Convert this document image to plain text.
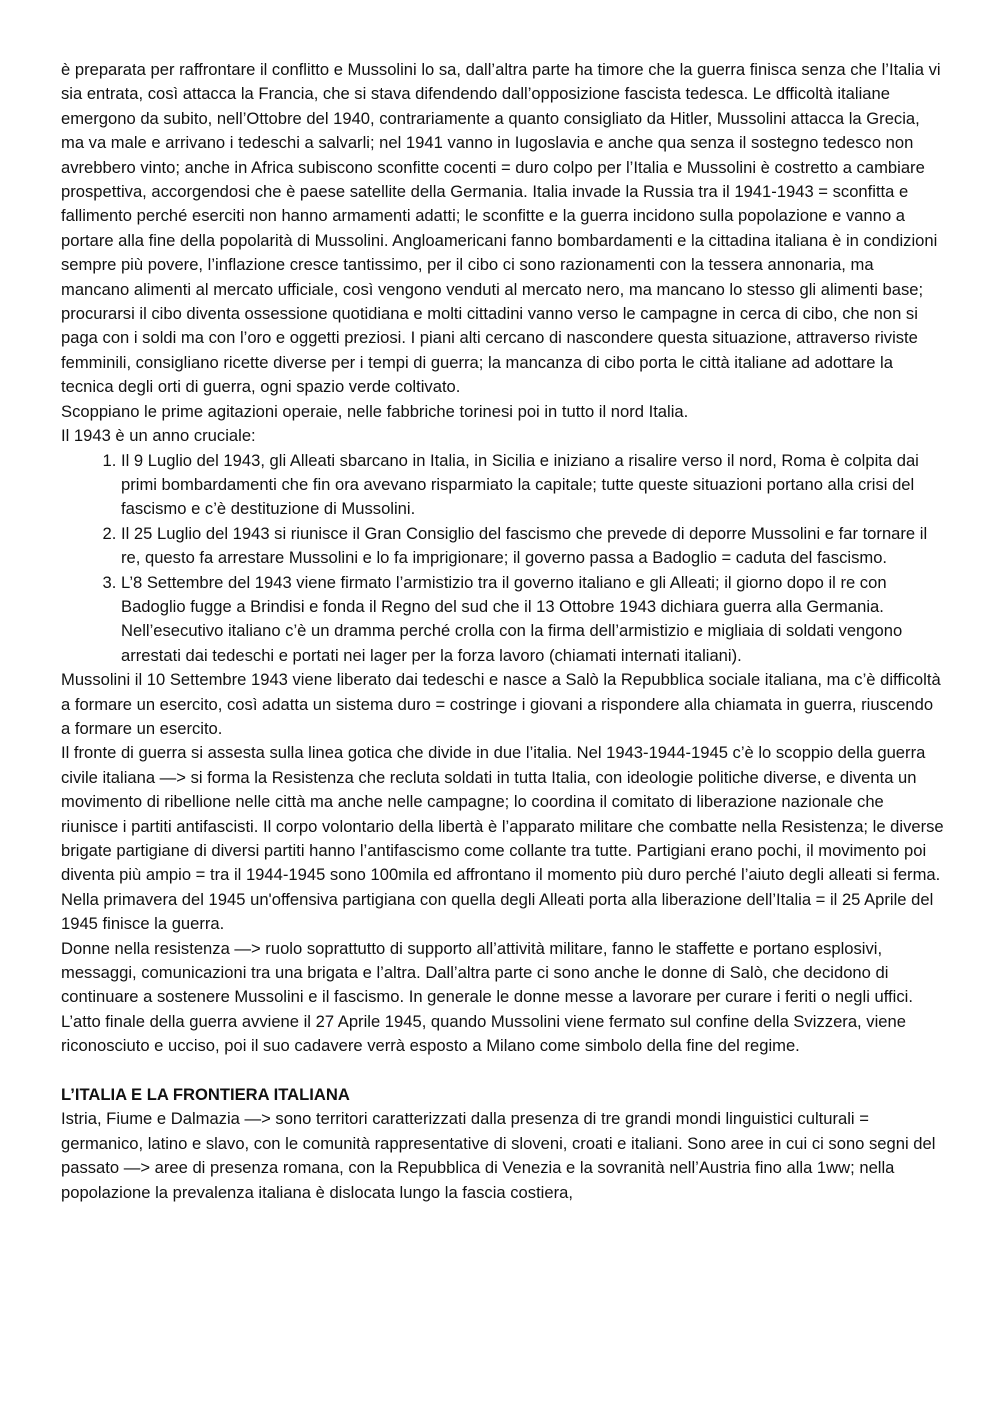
è preparata per raffrontare il conflitto e Mussolini lo sa, dall’altra parte ha timore che la guerra finisca senza che l’Italia vi sia entrata, così attacca la Francia, che si stava difendendo dall’opposizione fascista tedesca. Le dfficoltà italiane emergono da subito, nell’Ottobre del 1940, contrariamente a quanto consigliato da Hitler, Mussolini attacca la Grecia, ma va male e arrivano i tedeschi a salvarli; nel 1941 vanno in Iugoslavia e anche qua senza il sostegno tedesco non avrebbero vinto; anche in Africa subiscono sconfitte cocenti = duro colpo per l’Italia e Mussolini è costretto a cambiare prospettiva, accorgendosi che è paese satellite della Germania. Italia invade la Russia tra il 1941-1943 = sconfitta e fallimento perché eserciti non hanno armamenti adatti; le sconfitte e la guerra incidono sulla popolazione e vanno a portare alla fine della popolarità di Mussolini. Angloamericani fanno bombardamenti e la cittadina italiana è in condizioni sempre più povere, l’inflazione cresce tantissimo, per il cibo ci sono razionamenti con la tessera annonaria, ma mancano alimenti al mercato ufficiale, così vengono venduti al mercato nero, ma mancano lo stesso gli alimenti base; procurarsi il cibo diventa ossessione quotidiana e molti cittadini vanno verso le campagne in cerca di cibo, che non si paga con i soldi ma con l’oro e oggetti preziosi. I piani alti cercano di nascondere questa situazione, attraverso riviste femminili, consigliano ricette diverse per i tempi di guerra; la mancanza di cibo porta le città italiane ad adottare la tecnica degli orti di guerra, ogni spazio verde coltivato.

Scoppiano le prime agitazioni operaie, nelle fabbriche torinesi poi in tutto il nord Italia.

Il 1943 è un anno cruciale:

1. Il 9 Luglio del 1943, gli Alleati sbarcano in Italia, in Sicilia e iniziano a risalire verso il nord, Roma è colpita dai primi bombardamenti che fin ora avevano risparmiato la capitale; tutte queste situazioni portano alla crisi del fascismo e c’è destituzione di Mussolini.
2. Il 25 Luglio del 1943 si riunisce il Gran Consiglio del fascismo che prevede di deporre Mussolini e far tornare il re, questo fa arrestare Mussolini e lo fa imprigionare; il governo passa a Badoglio = caduta del fascismo.
3. L’8 Settembre del 1943 viene firmato l’armistizio tra il governo italiano e gli Alleati; il giorno dopo il re con Badoglio fugge a Brindisi e fonda il Regno del sud che il 13 Ottobre 1943 dichiara guerra alla Germania. Nell’esecutivo italiano c’è un dramma perché crolla con la firma dell’armistizio e migliaia di soldati vengono arrestati dai tedeschi e portati nei lager per la forza lavoro (chiamati internati italiani).

Mussolini il 10 Settembre 1943 viene liberato dai tedeschi e nasce a Salò la Repubblica sociale italiana, ma c’è difficoltà a formare un esercito, così adatta un sistema duro = costringe i giovani a rispondere alla chiamata in guerra, riuscendo a formare un esercito.

Il fronte di guerra si assesta sulla linea gotica che divide in due l’italia. Nel 1943-1944-1945 c’è lo scoppio della guerra civile italiana —> si forma la Resistenza che recluta soldati in tutta Italia, con ideologie politiche diverse, e diventa un movimento di ribellione nelle città ma anche nelle campagne; lo coordina il comitato di liberazione nazionale che riunisce i partiti antifascisti. Il corpo volontario della libertà è l’apparato militare che combatte nella Resistenza; le diverse brigate partigiane di diversi partiti hanno l’antifascismo come collante tra tutte. Partigiani erano pochi, il movimento poi diventa più ampio = tra il 1944-1945 sono 100mila ed affrontano il momento più duro perché l’aiuto degli alleati si ferma. Nella primavera del 1945 un'offensiva partigiana con quella degli Alleati porta alla liberazione dell’Italia = il 25 Aprile del 1945 finisce la guerra.

Donne nella resistenza —> ruolo soprattutto di supporto all’attività militare, fanno le staffette e portano esplosivi, messaggi, comunicazioni tra una brigata e l’altra. Dall’altra parte ci sono anche le donne di Salò, che decidono di continuare a sostenere Mussolini e il fascismo. In generale le donne messe a lavorare per curare i feriti o negli uffici.

L’atto finale della guerra avviene il 27 Aprile 1945, quando Mussolini viene fermato sul confine della Svizzera, viene riconosciuto e ucciso, poi il suo cadavere verrà esposto a Milano come simbolo della fine del regime.

L’ITALIA E LA FRONTIERA ITALIANA

Istria, Fiume e Dalmazia —> sono territori caratterizzati dalla presenza di tre grandi mondi linguistici culturali = germanico, latino e slavo, con le comunità rappresentative di sloveni, croati e italiani. Sono aree in cui ci sono segni del passato —> aree di presenza romana, con la Repubblica di Venezia e la sovranità nell’Austria fino alla 1ww; nella popolazione la prevalenza italiana è dislocata lungo la fascia costiera,
